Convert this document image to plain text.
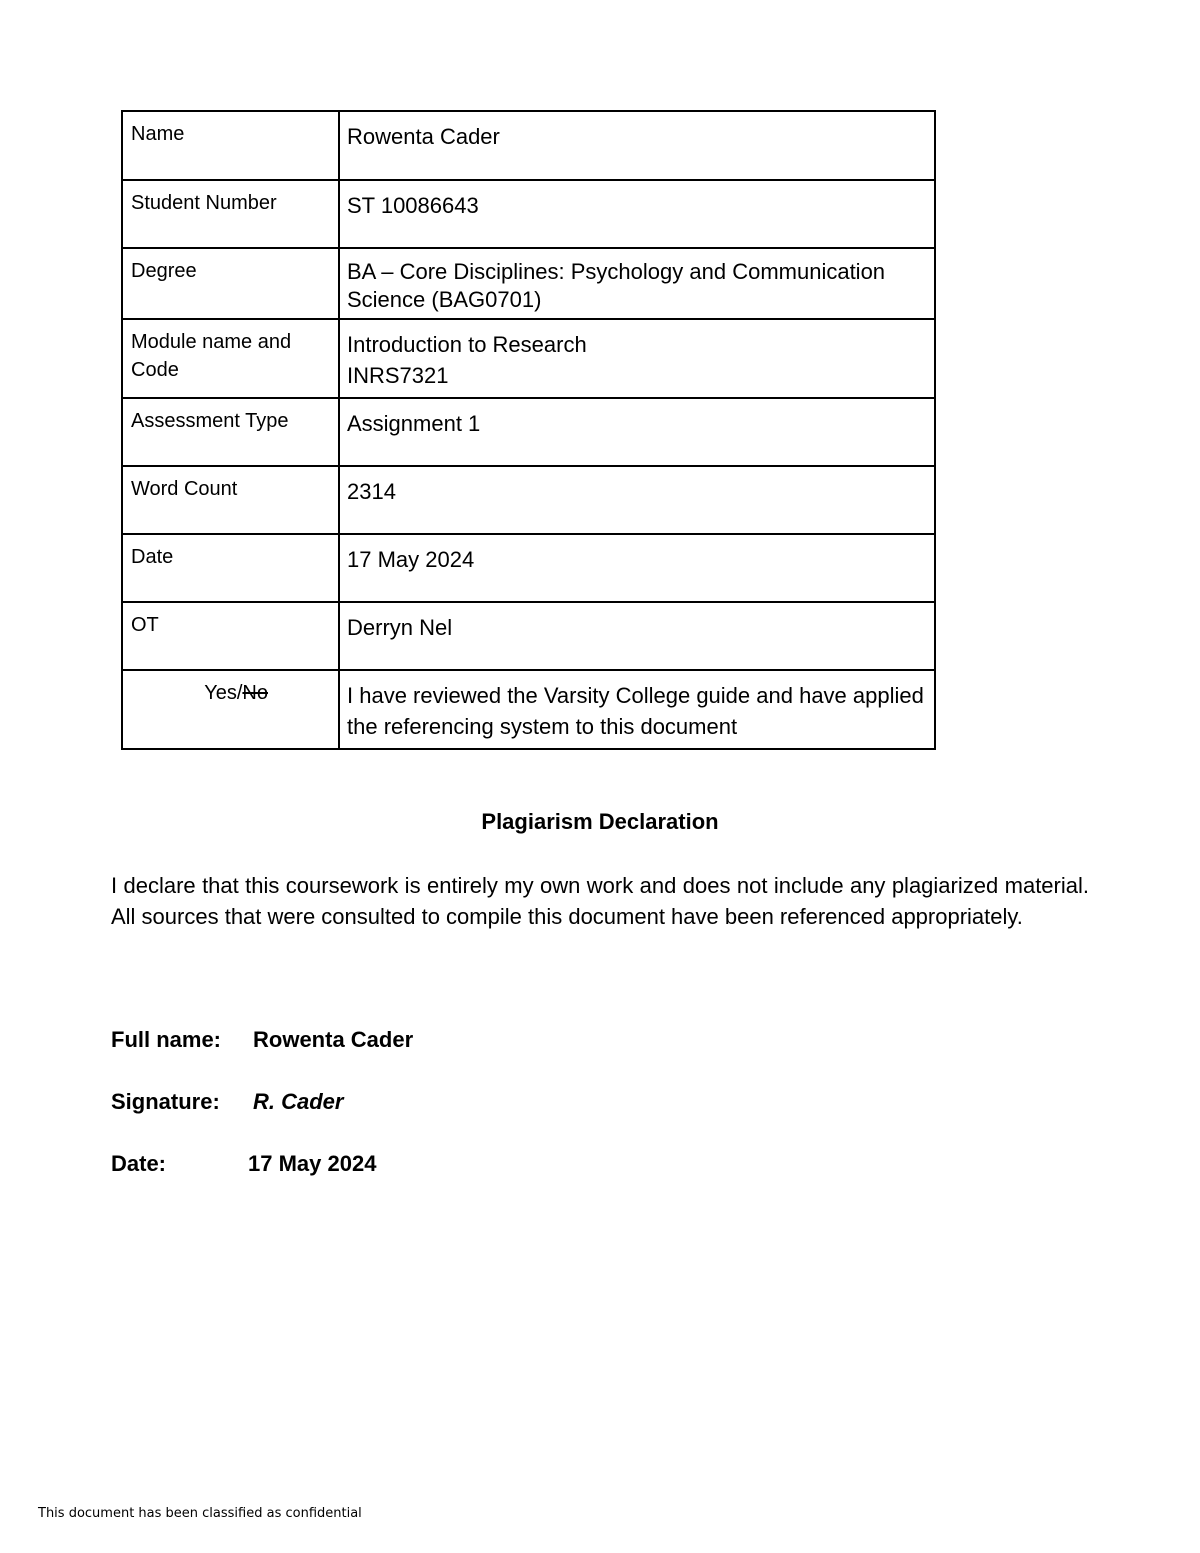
Name	Rowenta Cader
Student Number	ST 10086643
Degree	BA – Core Disciplines: Psychology and Communication Science (BAG0701)
Module name and Code	Introduction to Research
INRS7321

Assessment Type	Assignment 1
Word Count	2314
Date	17 May 2024
OT	Derryn Nel
Yes/No	I have reviewed the Varsity College guide and have applied the referencing system to this document
Plagiarism Declaration
I declare that this coursework is entirely my own work and does not include any plagiarized material. All sources that were consulted to compile this document have been referenced appropriately.
Full name: Rowenta Cader
Signature: R. Cader
Date:	17 May 2024
This document has been classified as confidential
